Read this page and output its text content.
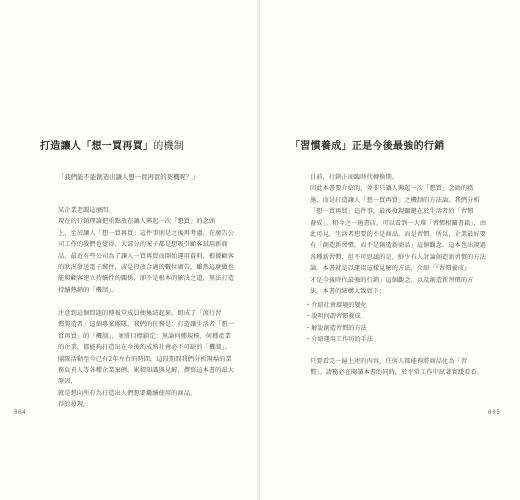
打造讓人「想一買再買」的機制
「我們能不能創造出讓人想一買再買的契機呢？」

某企業老闆這麼問。

現在的行銷理論把重點放在讓人興起一次「想買」的念頭

上，至於讓人「想一買再買」這件事則是之後再考慮。在廣告公

司工作的我們也覺得，大部分的案子都是想吸引顧客試用新商

品。最近有些公司為了讓人一買再買而開始運用資料，根據顧客

的狀況發送電子郵件，或是投放合適的數位廣告，雖然這麼做也

能與顧客建立持續性的關係，卻不是根本的解決之道，無法打造

持續熱銷的「機制」。

注意到這個問題的博報堂成員便集結起來，組成了「流行習

慣製造者」這個專案團隊，我們的任務是：打造讓生活者「想一

買再買」的「機制」，並將目標鎖定：無論何種規模、何種產業

的企業，都能夠打造出在今後的成熟社會必不可缺的「機制」。

團隊活動至今已有2年左右的時間，這段期間我們分析現場的業

務負責人等各種企業案例、累積知識與見解，撰寫這本書的最大原因，

就是想向所有為打造出人們想要繼續使用的商品、

得的發現。

004
「習慣養成」正是今後最強的行銷

目前，行銷正面臨時代轉換期。

因此本書要介紹的，並非只讓人興起一次「想買」念頭的措

施，而是打造讓人「想一買再買」之機制的方法論。我們分析

「想一買再買」這件事，最後發現關鍵在於生活者的「習慣

養成」。和今之一趟書店，可以看到一大堆「習慣相關書籍」，由

此可見，生活者想要的不是商品，而是習慣。所以，企業最好要

有「創造新習慣，而不是創造新商品」這個觀念，這本也出現過

各種新習慣，但不可思議的是，鮮少有人討論創造新習慣的方法

論。本書就是以運用這樣見解的方法，介紹「『習慣養成』

才是今後時代最強的行銷」這個觀念，以及創造新習慣的方

法。本書的結構大致如下：

・ 介紹社會環境的變化
・ 說明何謂習慣養成
・ 解說創造習慣的方法
・ 介紹運用工作坊的手法

只要看完一遍上述的內容，任何人都能夠將商品化為「習

慣」。請務必在閱讀本書的同時，於平常工作中試著實踐看看。

005
